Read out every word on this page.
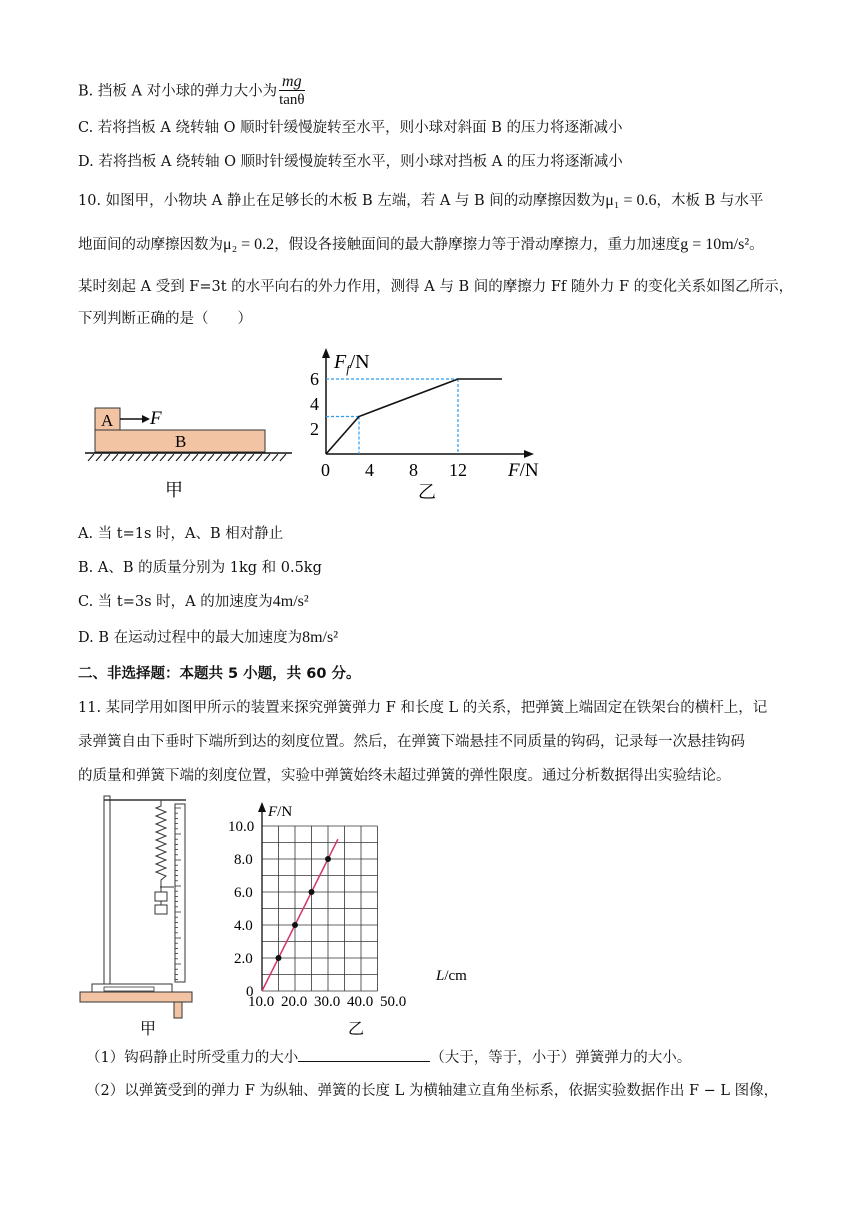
B. 挡板 A 对小球的弹力大小为 $\frac{mg}{\tan\theta}$
C. 若将挡板 A 绕转轴 O 顺时针缓慢旋转至水平，则小球对斜面 B 的压力将逐渐减小
D. 若将挡板 A 绕转轴 O 顺时针缓慢旋转至水平，则小球对挡板 A 的压力将逐渐减小
10. 如图甲，小物块 A 静止在足够长的木板 B 左端，若 A 与 B 间的动摩擦因数为μ₁ = 0.6，木板 B 与水平
地面间的动摩擦因数为μ₂ = 0.2，假设各接触面间的最大静摩擦力等于滑动摩擦力，重力加速度g = 10m/s²。
某时刻起 A 受到 F=3t 的水平向右的外力作用，测得 A 与 B 间的摩擦力 Ff 随外力 F 的变化关系如图乙所示，
下列判断正确的是（　　）
A F
B
甲
$F_f/N$
F/N
2
4
6
0 4 8 12
乙
A. 当 t=1s 时，A、B 相对静止
B. A、B 的质量分别为 1kg 和 0.5kg
C. 当 t=3s 时，A 的加速度为4m/s²
D. B 在运动过程中的最大加速度为8m/s²
二、非选择题：本题共 5 小题，共 60 分。
11. 某同学用如图甲所示的装置来探究弹簧弹力 F 和长度 L 的关系，把弹簧上端固定在铁架台的横杆上，记
录弹簧自由下垂时下端所到达的刻度位置。然后，在弹簧下端悬挂不同质量的钩码，记录每一次悬挂钩码
的质量和弹簧下端的刻度位置，实验中弹簧始终未超过弹簧的弹性限度。通过分析数据得出实验结论。
甲
F/N
L/cm
0
2.0
4.0
6.0
8.0
10.0
10.0 20.0 30.0 40.0 50.0
乙
（1）钩码静止时所受重力的大小	（大于，等于，小于）弹簧弹力的大小。
（2）以弹簧受到的弹力 F 为纵轴、弹簧的长度 L 为横轴建立直角坐标系，依据实验数据作出 F − L 图像，
